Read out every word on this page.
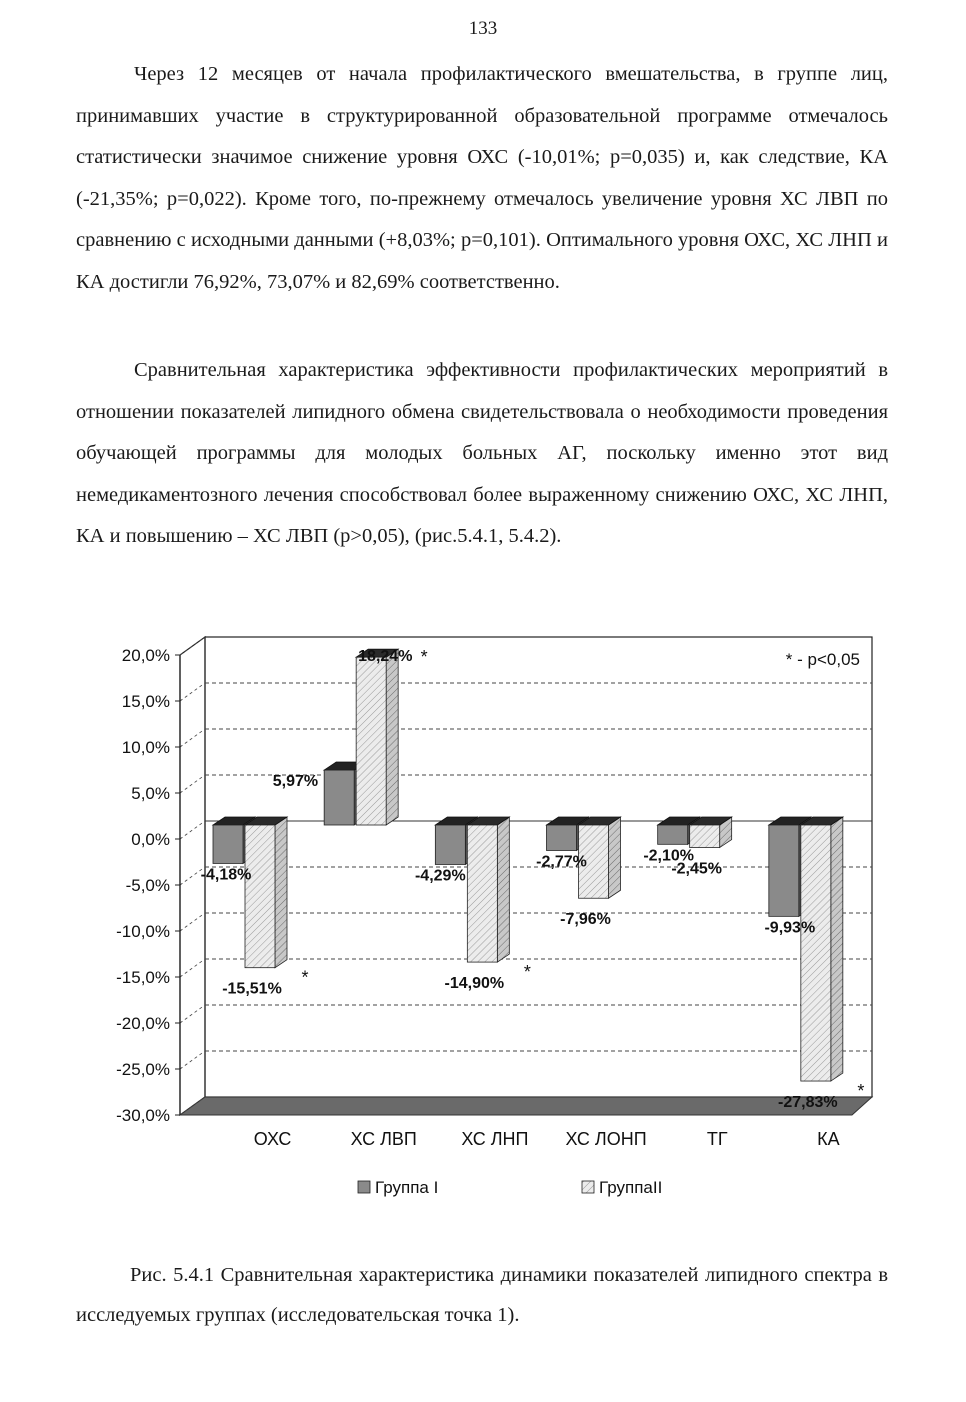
133

Через 12 месяцев от начала профилактического вмешательства, в группе лиц, принимавших участие в структурированной образовательной программе отмечалось статистически значимое снижение уровня ОХС (-10,01%; p=0,035) и, как следствие, КА (-21,35%; p=0,022). Кроме того, по-прежнему отмечалось увеличение уровня ХС ЛВП по сравнению с исходными данными (+8,03%; p=0,101). Оптимального уровня ОХС, ХС ЛНП и КА достигли 76,92%, 73,07% и 82,69% соответственно.

Сравнительная характеристика эффективности профилактических мероприятий в отношении показателей липидного обмена свидетельствовала о необходимости проведения обучающей программы для молодых больных АГ, поскольку именно этот вид немедикаментозного лечения способствовал более выраженному снижению ОХС, ХС ЛНП, КА и повышению – ХС ЛВП (p>0,05), (рис.5.4.1, 5.4.2).

-4,18%
-15,51%
*
5,97%
18,24% *
-4,29%
-14,90%
*
-2,77%
-7,96%
-2,10%
-2,45%
-9,93%
-27,83%
*
* - p<0,05
20,0%
15,0%
10,0%
5,0%
0,0%
-5,0%
-10,0%
-15,0%
-20,0%
-25,0%
-30,0%
ОХС	ХС ЛВП ХС ЛНП ХС ЛОНП	ТГ	КА
Группа I	ГруппаII

Рис. 5.4.1 Сравнительная характеристика динамики показателей липидного спектра в исследуемых группах (исследовательская точка 1).
